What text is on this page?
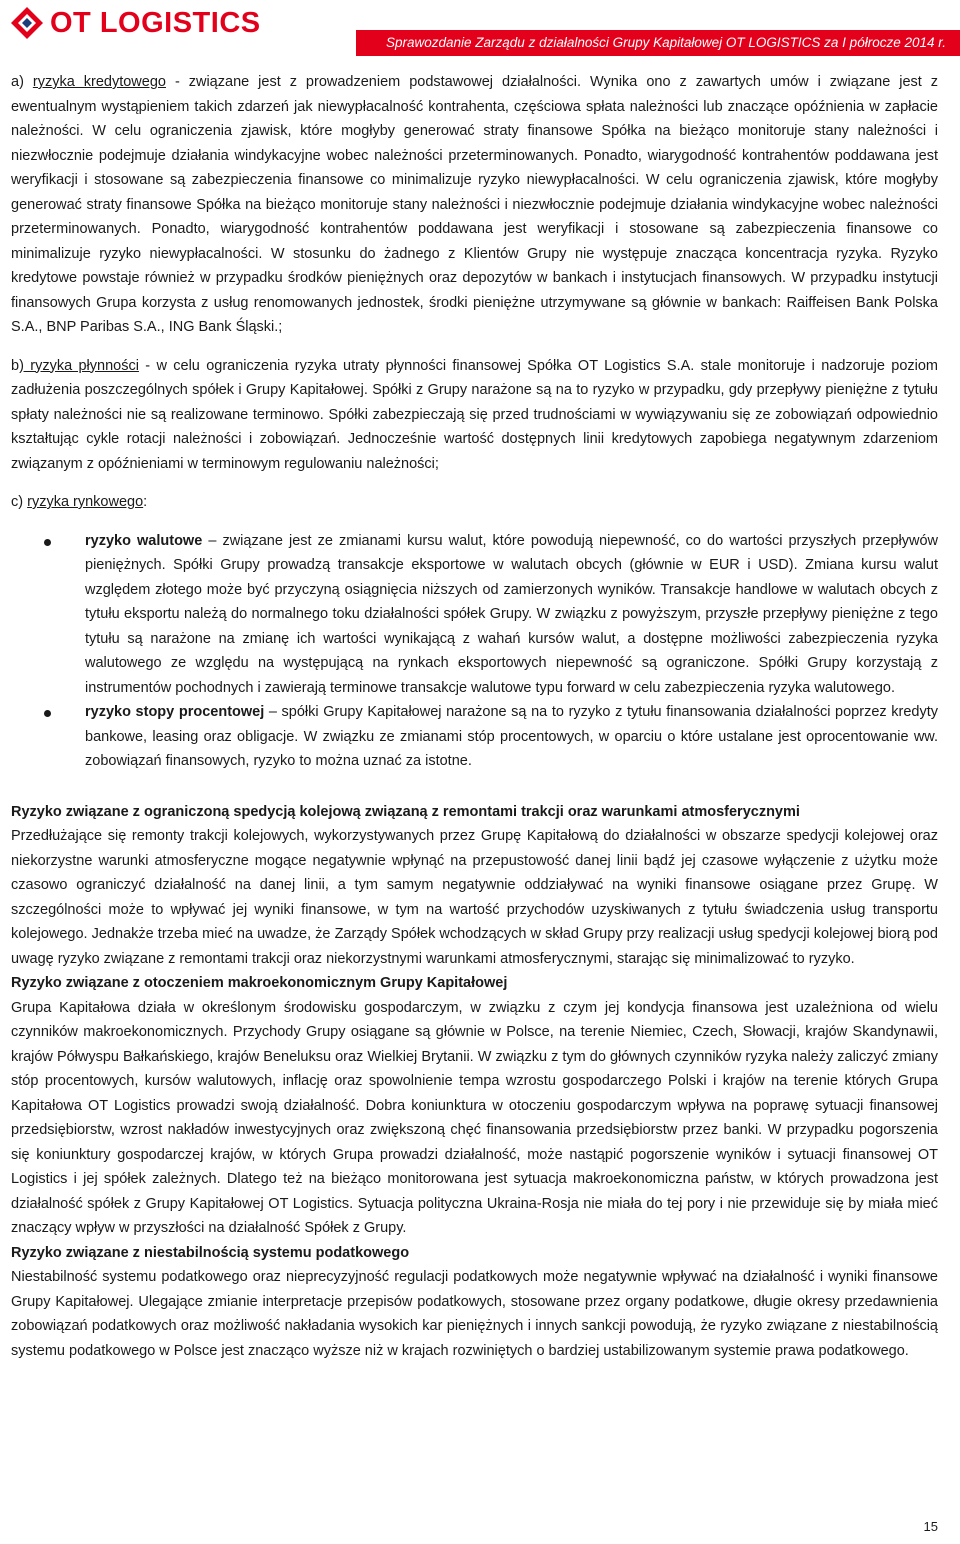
OT LOGISTICS
Sprawozdanie Zarządu z działalności Grupy Kapitałowej OT LOGISTICS za I półrocze 2014 r.

a) ryzyka kredytowego - związane jest z prowadzeniem podstawowej działalności. Wynika ono z zawartych umów i związane jest z ewentualnym wystąpieniem takich zdarzeń jak niewypłacalność kontrahenta, częściowa spłata należności lub znaczące opóźnienia w zapłacie należności. W celu ograniczenia zjawisk, które mogłyby generować straty finansowe Spółka na bieżąco monitoruje stany należności i niezwłocznie podejmuje działania windykacyjne wobec należności przeterminowanych. Ponadto, wiarygodność kontrahentów poddawana jest weryfikacji i stosowane są zabezpieczenia finansowe co minimalizuje ryzyko niewypłacalności. W celu ograniczenia zjawisk, które mogłyby generować straty finansowe Spółka na bieżąco monitoruje stany należności i niezwłocznie podejmuje działania windykacyjne wobec należności przeterminowanych. Ponadto, wiarygodność kontrahentów poddawana jest weryfikacji i stosowane są zabezpieczenia finansowe co minimalizuje ryzyko niewypłacalności. W stosunku do żadnego z Klientów Grupy nie występuje znacząca koncentracja ryzyka. Ryzyko kredytowe powstaje również w przypadku środków pieniężnych oraz depozytów w bankach i instytucjach finansowych. W przypadku instytucji finansowych Grupa korzysta z usług renomowanych jednostek, środki pieniężne utrzymywane są głównie w bankach: Raiffeisen Bank Polska S.A., BNP Paribas S.A., ING Bank Śląski.;

b) ryzyka płynności - w celu ograniczenia ryzyka utraty płynności finansowej Spółka OT Logistics S.A. stale monitoruje i nadzoruje poziom zadłużenia poszczególnych spółek i Grupy Kapitałowej. Spółki z Grupy narażone są na to ryzyko w przypadku, gdy przepływy pieniężne z tytułu spłaty należności nie są realizowane terminowo. Spółki zabezpieczają się przed trudnościami w wywiązywaniu się ze zobowiązań odpowiednio kształtując cykle rotacji należności i zobowiązań. Jednocześnie wartość dostępnych linii kredytowych zapobiega negatywnym zdarzeniom związanym z opóźnieniami w terminowym regulowaniu należności;

c) ryzyka rynkowego:

ryzyko walutowe – związane jest ze zmianami kursu walut, które powodują niepewność, co do wartości przyszłych przepływów pieniężnych. Spółki Grupy prowadzą transakcje eksportowe w walutach obcych (głównie w EUR i USD). Zmiana kursu walut względem złotego może być przyczyną osiągnięcia niższych od zamierzonych wyników. Transakcje handlowe w walutach obcych z tytułu eksportu należą do normalnego toku działalności spółek Grupy. W związku z powyższym, przyszłe przepływy pieniężne z tego tytułu są narażone na zmianę ich wartości wynikającą z wahań kursów walut, a dostępne możliwości zabezpieczenia ryzyka walutowego ze względu na występującą na rynkach eksportowych niepewność są ograniczone. Spółki Grupy korzystają z instrumentów pochodnych i zawierają terminowe transakcje walutowe typu forward w celu zabezpieczenia ryzyka walutowego.
ryzyko stopy procentowej – spółki Grupy Kapitałowej narażone są na to ryzyko z tytułu finansowania działalności poprzez kredyty bankowe, leasing oraz obligacje. W związku ze zmianami stóp procentowych, w oparciu o które ustalane jest oprocentowanie ww. zobowiązań finansowych, ryzyko to można uznać za istotne.

Ryzyko związane z ograniczoną spedycją kolejową związaną z remontami trakcji oraz warunkami atmosferycznymi

Przedłużające się remonty trakcji kolejowych, wykorzystywanych przez Grupę Kapitałową do działalności w obszarze spedycji kolejowej oraz niekorzystne warunki atmosferyczne mogące negatywnie wpłynąć na przepustowość danej linii bądź jej czasowe wyłączenie z użytku może czasowo ograniczyć działalność na danej linii, a tym samym negatywnie oddziaływać na wyniki finansowe osiągane przez Grupę. W szczególności może to wpływać jej wyniki finansowe, w tym na wartość przychodów uzyskiwanych z tytułu świadczenia usług transportu kolejowego. Jednakże trzeba mieć na uwadze, że Zarządy Spółek wchodzących w skład Grupy przy realizacji usług spedycji kolejowej biorą pod uwagę ryzyko związane z remontami trakcji oraz niekorzystnymi warunkami atmosferycznymi, starając się minimalizować to ryzyko.

Ryzyko związane z otoczeniem makroekonomicznym Grupy Kapitałowej

Grupa Kapitałowa działa w określonym środowisku gospodarczym, w związku z czym jej kondycja finansowa jest uzależniona od wielu czynników makroekonomicznych. Przychody Grupy osiągane są głównie w Polsce, na terenie Niemiec, Czech, Słowacji, krajów Skandynawii, krajów Półwyspu Bałkańskiego, krajów Beneluksu oraz Wielkiej Brytanii. W związku z tym do głównych czynników ryzyka należy zaliczyć zmiany stóp procentowych, kursów walutowych, inflację oraz spowolnienie tempa wzrostu gospodarczego Polski i krajów na terenie których Grupa Kapitałowa OT Logistics prowadzi swoją działalność. Dobra koniunktura w otoczeniu gospodarczym wpływa na poprawę sytuacji finansowej przedsiębiorstw, wzrost nakładów inwestycyjnych oraz zwiększoną chęć finansowania przedsiębiorstw przez banki. W przypadku pogorszenia się koniunktury gospodarczej krajów, w których Grupa prowadzi działalność, może nastąpić pogorszenie wyników i sytuacji finansowej OT Logistics i jej spółek zależnych. Dlatego też na bieżąco monitorowana jest sytuacja makroekonomiczna państw, w których prowadzona jest działalność spółek z Grupy Kapitałowej OT Logistics. Sytuacja polityczna Ukraina-Rosja nie miała do tej pory i nie przewiduje się by miała mieć znaczący wpływ w przyszłości na działalność Spółek z Grupy.

Ryzyko związane z niestabilnością systemu podatkowego

Niestabilność systemu podatkowego oraz nieprecyzyjność regulacji podatkowych może negatywnie wpływać na działalność i wyniki finansowe Grupy Kapitałowej. Ulegające zmianie interpretacje przepisów podatkowych, stosowane przez organy podatkowe, długie okresy przedawnienia zobowiązań podatkowych oraz możliwość nakładania wysokich kar pieniężnych i innych sankcji powodują, że ryzyko związane z niestabilnością systemu podatkowego w Polsce jest znacząco wyższe niż w krajach rozwiniętych o bardziej ustabilizowanym systemie prawa podatkowego.

15
